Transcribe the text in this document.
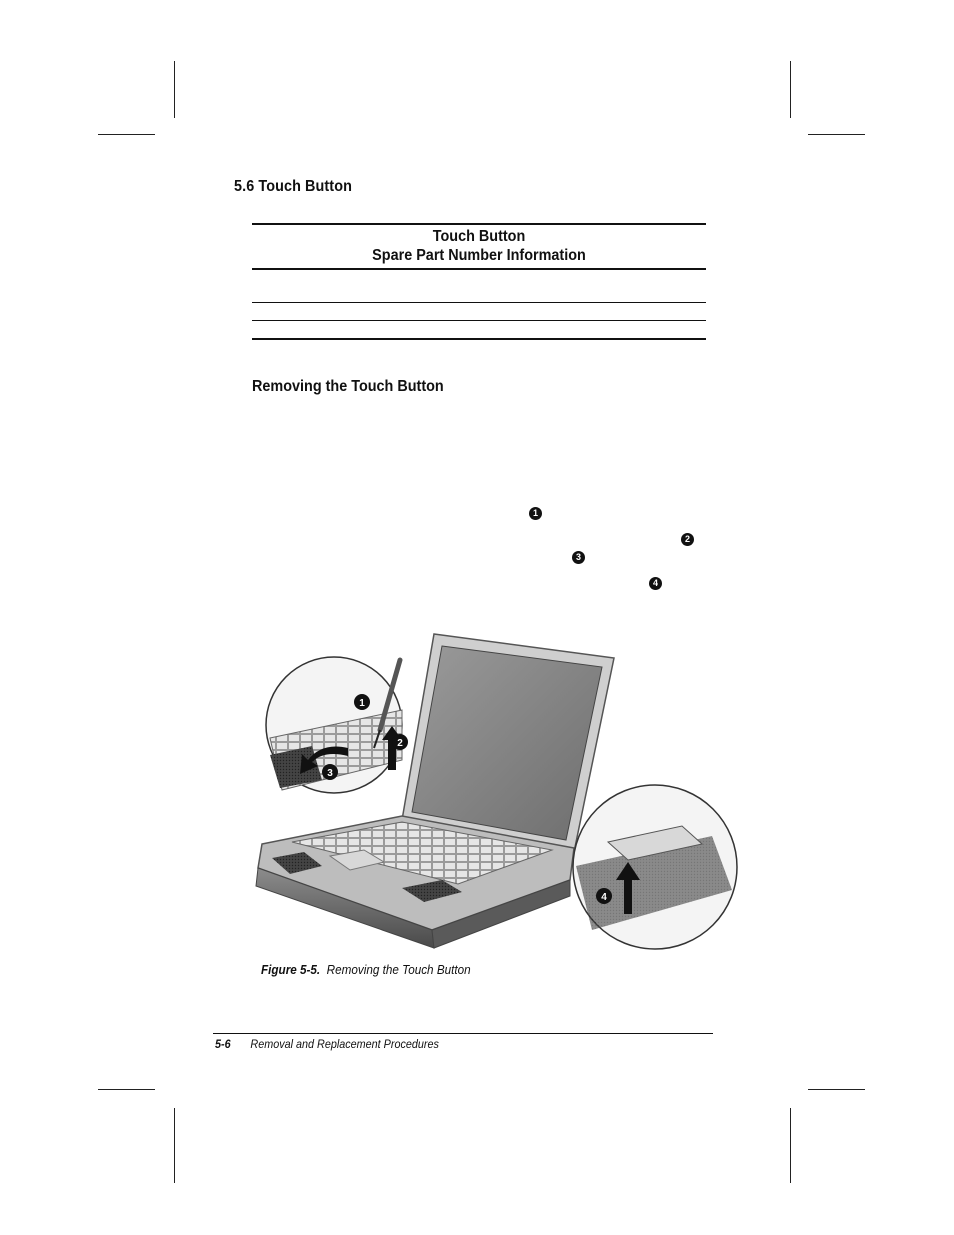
5.6 Touch Button
Touch Button
Spare Part Number Information
Removing the Touch Button
1
2
3
4
1
2
3
4
Figure 5-5. Removing the Touch Button
5-6 Removal and Replacement Procedures
